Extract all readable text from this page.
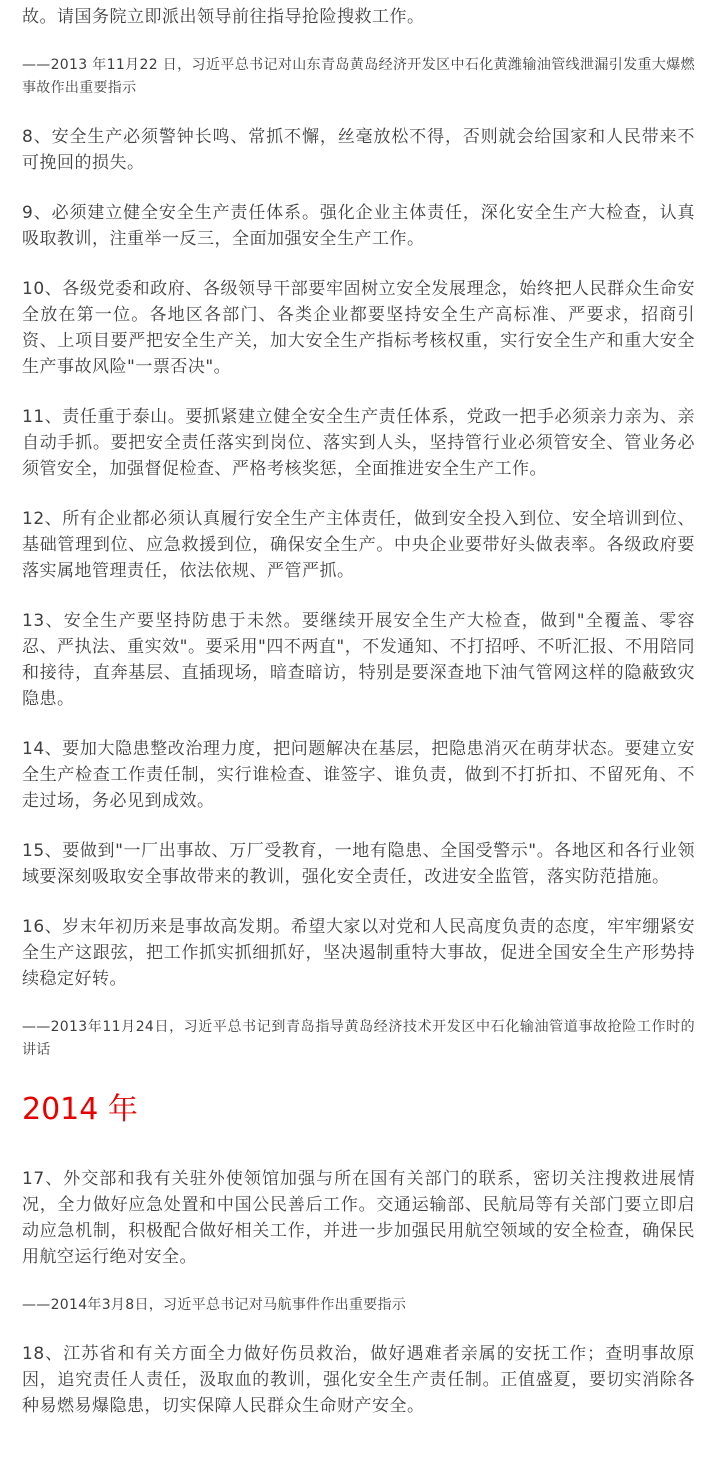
故。请国务院立即派出领导前往指导抢险搜救工作。

——2013 年11月22 日，习近平总书记对山东青岛黄岛经济开发区中石化黄潍输油管线泄漏引发重大爆燃事故作出重要指示

8、安全生产必须警钟长鸣、常抓不懈，丝毫放松不得，否则就会给国家和人民带来不可挽回的损失。

9、必须建立健全安全生产责任体系。强化企业主体责任，深化安全生产大检查，认真吸取教训，注重举一反三，全面加强安全生产工作。

10、各级党委和政府、各级领导干部要牢固树立安全发展理念，始终把人民群众生命安全放在第一位。各地区各部门、各类企业都要坚持安全生产高标准、严要求，招商引资、上项目要严把安全生产关，加大安全生产指标考核权重，实行安全生产和重大安全生产事故风险"一票否决"。

11、责任重于泰山。要抓紧建立健全安全生产责任体系，党政一把手必须亲力亲为、亲自动手抓。要把安全责任落实到岗位、落实到人头，坚持管行业必须管安全、管业务必须管安全，加强督促检查、严格考核奖惩，全面推进安全生产工作。

12、所有企业都必须认真履行安全生产主体责任，做到安全投入到位、安全培训到位、基础管理到位、应急救援到位，确保安全生产。中央企业要带好头做表率。各级政府要落实属地管理责任，依法依规、严管严抓。

13、安全生产要坚持防患于未然。要继续开展安全生产大检查，做到"全覆盖、零容忍、严执法、重实效"。要采用"四不两直"，不发通知、不打招呼、不听汇报、不用陪同和接待，直奔基层、直插现场，暗查暗访，特别是要深查地下油气管网这样的隐蔽致灾隐患。

14、要加大隐患整改治理力度，把问题解决在基层，把隐患消灭在萌芽状态。要建立安全生产检查工作责任制，实行谁检查、谁签字、谁负责，做到不打折扣、不留死角、不走过场，务必见到成效。

15、要做到"一厂出事故、万厂受教育，一地有隐患、全国受警示"。各地区和各行业领域要深刻吸取安全事故带来的教训，强化安全责任，改进安全监管，落实防范措施。

16、岁末年初历来是事故高发期。希望大家以对党和人民高度负责的态度，牢牢绷紧安全生产这跟弦，把工作抓实抓细抓好，坚决遏制重特大事故，促进全国安全生产形势持续稳定好转。

——2013年11月24日，习近平总书记到青岛指导黄岛经济技术开发区中石化输油管道事故抢险工作时的讲话

2014 年

17、外交部和我有关驻外使领馆加强与所在国有关部门的联系，密切关注搜救进展情况，全力做好应急处置和中国公民善后工作。交通运输部、民航局等有关部门要立即启动应急机制，积极配合做好相关工作，并进一步加强民用航空领域的安全检查，确保民用航空运行绝对安全。

——2014年3月8日，习近平总书记对马航事件作出重要指示

18、江苏省和有关方面全力做好伤员救治，做好遇难者亲属的安抚工作；查明事故原因，追究责任人责任，汲取血的教训，强化安全生产责任制。正值盛夏，要切实消除各种易燃易爆隐患，切实保障人民群众生命财产安全。
